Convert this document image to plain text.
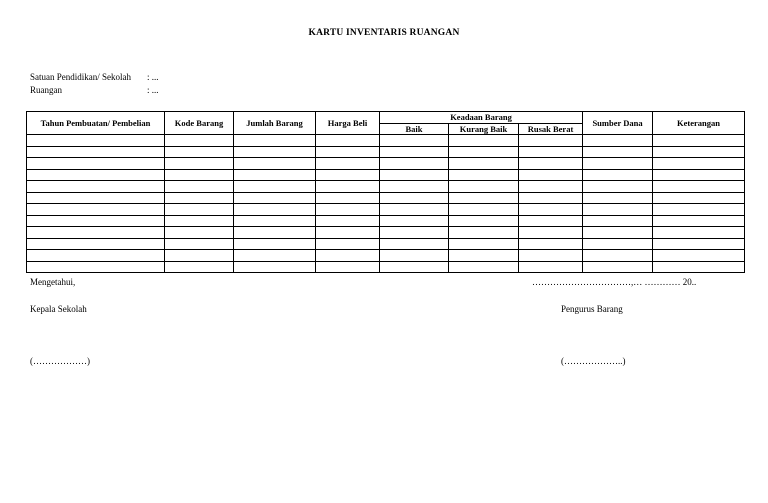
KARTU INVENTARIS RUANGAN
Satuan Pendidikan/ Sekolah : ...
Ruangan	: ...
Tahun Pembuatan/ Pembelian	Kode Barang	Jumlah Barang	Harga Beli	Keadaan Barang			Sumber Dana	Keterangan
				Baik	Kurang Baik	Rusak Berat		

Mengetahui,	……………………………,… ………… 20..
Kepala Sekolah	Pengurus Barang
(………………)	(………………..)
